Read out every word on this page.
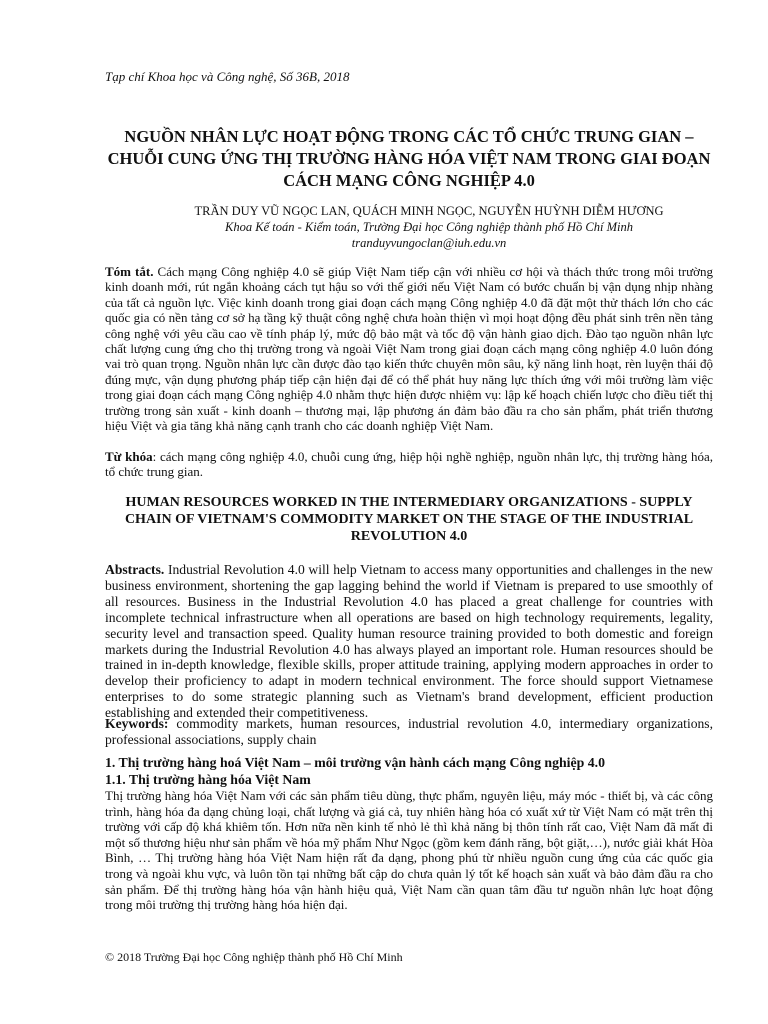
Tạp chí Khoa học và Công nghệ, Số 36B, 2018
NGUỒN NHÂN LỰC HOẠT ĐỘNG TRONG CÁC TỔ CHỨC TRUNG GIAN – CHUỖI CUNG ỨNG THỊ TRƯỜNG HÀNG HÓA VIỆT NAM TRONG GIAI ĐOẠN CÁCH MẠNG CÔNG NGHIỆP 4.0
TRẦN DUY VŨ NGỌC LAN, QUÁCH MINH NGỌC, NGUYỄN HUỲNH DIỄM HƯƠNG
Khoa Kế toán - Kiểm toán, Trường Đại học Công nghiệp thành phố Hồ Chí Minh
tranduyvungoclan@iuh.edu.vn
Tóm tắt. Cách mạng Công nghiệp 4.0 sẽ giúp Việt Nam tiếp cận với nhiều cơ hội và thách thức trong môi trường kinh doanh mới, rút ngắn khoảng cách tụt hậu so với thế giới nếu Việt Nam có bước chuẩn bị vận dụng nhịp nhàng của tất cả nguồn lực. Việc kinh doanh trong giai đoạn cách mạng Công nghiệp 4.0 đã đặt một thử thách lớn cho các quốc gia có nền tảng cơ sở hạ tầng kỹ thuật công nghệ chưa hoàn thiện vì mọi hoạt động đều phát sinh trên nền tảng công nghệ với yêu cầu cao về tính pháp lý, mức độ bảo mật và tốc độ vận hành giao dịch. Đào tạo nguồn nhân lực chất lượng cung ứng cho thị trường trong và ngoài Việt Nam trong giai đoạn cách mạng công nghiệp 4.0 luôn đóng vai trò quan trọng. Nguồn nhân lực cần được đào tạo kiến thức chuyên môn sâu, kỹ năng linh hoạt, rèn luyện thái độ đúng mực, vận dụng phương pháp tiếp cận hiện đại để có thể phát huy năng lực thích ứng với môi trường làm việc trong giai đoạn cách mạng Công nghiệp 4.0 nhằm thực hiện được nhiệm vụ: lập kế hoạch chiến lược cho điều tiết thị trường trong sản xuất - kinh doanh – thương mại, lập phương án đảm bảo đầu ra cho sản phẩm, phát triển thương hiệu Việt và gia tăng khả năng cạnh tranh cho các doanh nghiệp Việt Nam.
Từ khóa: cách mạng công nghiệp 4.0, chuỗi cung ứng, hiệp hội nghề nghiệp, nguồn nhân lực, thị trường hàng hóa, tổ chức trung gian.
HUMAN RESOURCES WORKED IN THE INTERMEDIARY ORGANIZATIONS - SUPPLY CHAIN OF VIETNAM'S COMMODITY MARKET ON THE STAGE OF THE INDUSTRIAL REVOLUTION 4.0
Abstracts. Industrial Revolution 4.0 will help Vietnam to access many opportunities and challenges in the new business environment, shortening the gap lagging behind the world if Vietnam is prepared to use smoothly of all resources. Business in the Industrial Revolution 4.0 has placed a great challenge for countries with incomplete technical infrastructure when all operations are based on high technology requirements, legality, security level and transaction speed. Quality human resource training provided to both domestic and foreign markets during the Industrial Revolution 4.0 has always played an important role. Human resources should be trained in in-depth knowledge, flexible skills, proper attitude training, applying modern approaches in order to develop their proficiency to adapt in modern technical environment. The force should support Vietnamese enterprises to do some strategic planning such as Vietnam's brand development, efficient production establishing and extended their competitiveness.
Keywords: commodity markets, human resources, industrial revolution 4.0, intermediary organizations, professional associations, supply chain
1. Thị trường hàng hoá Việt Nam – môi trường vận hành cách mạng Công nghiệp 4.0
1.1. Thị trường hàng hóa Việt Nam
Thị trường hàng hóa Việt Nam với các sản phẩm tiêu dùng, thực phẩm, nguyên liệu, máy móc - thiết bị, và các công trình, hàng hóa đa dạng chủng loại, chất lượng và giá cả, tuy nhiên hàng hóa có xuất xứ từ Việt Nam có mặt trên thị trường với cấp độ khá khiêm tốn. Hơn nữa nền kinh tế nhỏ lẻ thì khả năng bị thôn tính rất cao, Việt Nam đã mất đi một số thương hiệu như sản phẩm về hóa mỹ phẩm Như Ngọc (gồm kem đánh răng, bột giặt,…), nước giải khát Hòa Bình, … Thị trường hàng hóa Việt Nam hiện rất đa dạng, phong phú từ nhiều nguồn cung ứng của các quốc gia trong và ngoài khu vực, và luôn tồn tại những bất cập do chưa quản lý tốt kế hoạch sản xuất và bảo đảm đầu ra cho sản phẩm. Để thị trường hàng hóa vận hành hiệu quả, Việt Nam cần quan tâm đầu tư nguồn nhân lực hoạt động trong môi trường thị trường hàng hóa hiện đại.
© 2018 Trường Đại học Công nghiệp thành phố Hồ Chí Minh
